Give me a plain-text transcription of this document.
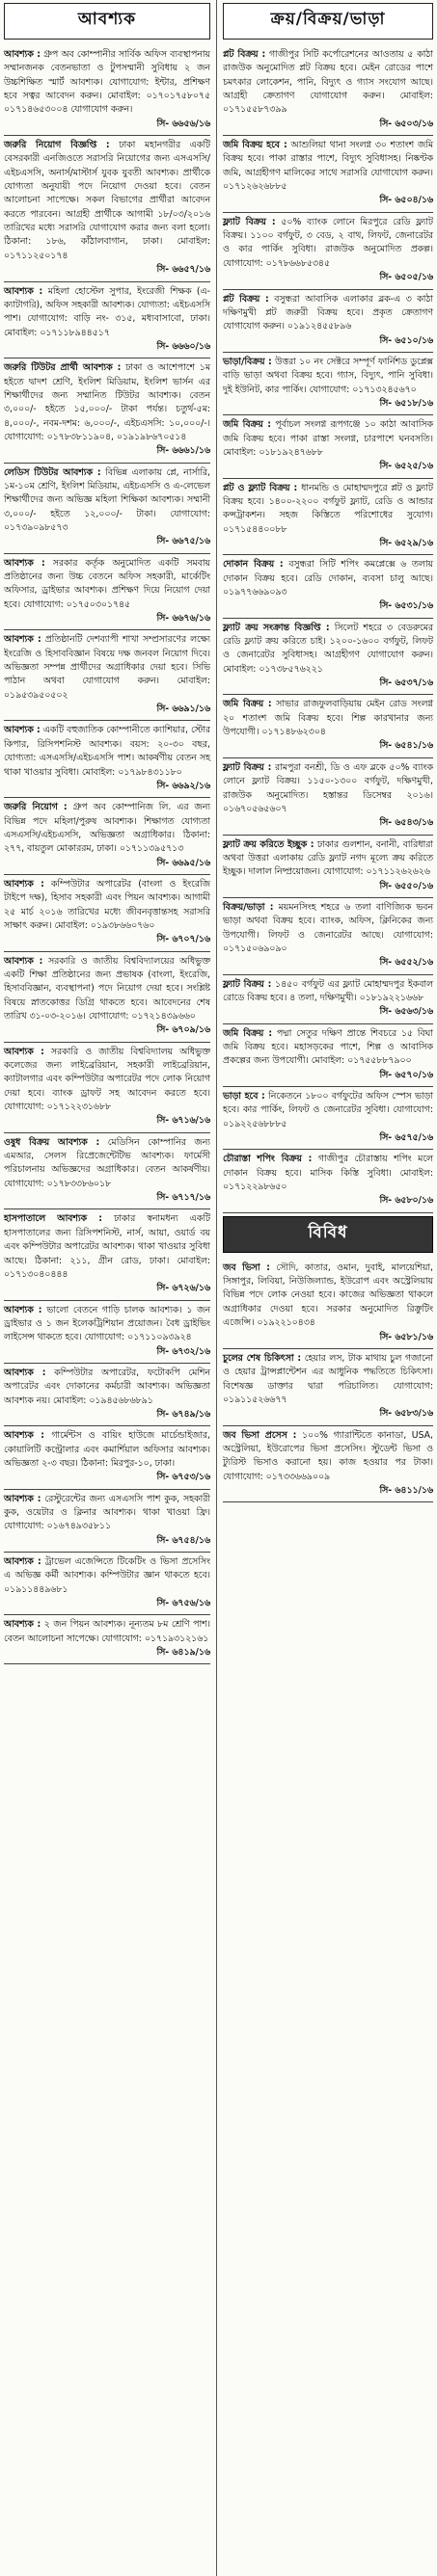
আবশ্যক
আবশ্যক : গ্রুপ অব কোম্পানীর সার্বিক অফিস ব্যবস্থাপনায় সম্মানজনক বেতনভাতা ও টুপসম্মানী সুবিধায় ২ জন উচ্চশিক্ষিত স্মার্ট আবশ্যক। যোগাযোগ: ইন্টার, প্রশিক্ষণ হবে সত্বর আবেদন করুন। মোবাইল: ০১৭০১৭৫৮০৭৫ ০১৭১৪৬৫৩০০৪ যোগাযোগ করুন।
সি- ৬৬৫৬/১৬
জরুরি নিয়োগ বিজ্ঞপ্তি : ঢাকা মহানগরীর একটি বেসরকারী এনজিওতে সরাসরি নিয়োগের জন্য এসএসসি/এইচএসসি, অনার্স/মাস্টার্স যুবক যুবতী আবশ্যক। প্রার্থীকে যোগ্যতা অনুযায়ী পদে নিয়োগ দেওয়া হবে। বেতন আলোচনা সাপেক্ষে। সকল বিভাগের প্রার্থীরা আবেদন করতে পারবেন। আগ্রহী প্রার্থীকে আগামী ১৮/০৩/২০১৬ তারিখের মধ্যে সরাসরি যোগাযোগ করার জন্য বলা হলো। ঠিকানা: ১৮৬, কাঁঠালবাগান, ঢাকা। মোবাইল: ০১৭১১২৫০১৭৪
সি- ৬৬৫৭/১৬
আবশ্যক : মহিলা হোস্টেল সুপার, ইংরেজী শিক্ষক (এ-ক্যাটাগরি), অফিস সহকারী আবশ্যক। যোগ্যতা: এইচএসসি পাশ। যোগাযোগ: বাড়ি নং- ৩১৫, মধ্যবাসাবো, ঢাকা। মোবাইল: ০১৭১১৮৯৪৪৫১৭
সি- ৬৬৬০/১৬
জরুরি টিউটর প্রার্থী আবশ্যক : ঢাকা ও আশেপাশে ১ম হইতে দ্বাদশ শ্রেণি, ইংলিশ মিডিয়াম, ইংলিশ ভার্সন এর শিক্ষার্থীদের জন্য সম্মানিত টিউটর আবশ্যক। বেতন ৩,০০০/- হইতে ১৫,০০০/- টাকা পর্যন্ত। চতুর্থ-৫ম: ৪,০০০/-, নবম-দশম: ৬,০০০/-, এইচএসসি: ১০,০০০/-। যোগাযোগ: ০১৭৮৩৮১১৯০৪, ০১৯১৯৮৬৭০৫১৪
সি- ৬৬৬১/১৬
লেডিস টিউটর আবশ্যক : বিভিন্ন এলাকায় প্লে, নার্সারি, ১ম-১০ম শ্রেণি, ইংলিশ মিডিয়াম, এইচএসসি ও এ-লেভেল শিক্ষার্থীদের জন্য অভিজ্ঞ মহিলা শিক্ষিকা আবশ্যক। সম্মানী ৩,০০০/- হইতে ১২,০০০/- টাকা। যোগাযোগ: ০১৭৩৯০৯৮৫৭৩
সি- ৬৬৭৫/১৬
আবশ্যক : সরকার কর্তৃক অনুমোদিত একটি সমবায় প্রতিষ্ঠানের জন্য উচ্চ বেতনে অফিস সহকারী, মার্কেটিং অফিসার, ড্রাইভার আবশ্যক। প্রশিক্ষণ দিয়ে নিয়োগ দেয়া হবে। যোগাযোগ: ০১৭৫০৩০১৭৪৫
সি- ৬৬৭৬/১৬
আবশ্যক : প্রতিষ্ঠানটি দেশব্যাপী শাখা সম্প্রসারণের লক্ষ্যে ইংরেজি ও হিসাববিজ্ঞান বিষয়ে দক্ষ জনবল নিয়োগ দিবে। অভিজ্ঞতা সম্পন্ন প্রার্থীদের অগ্রাধিকার দেয়া হবে। সিভি পাঠান অথবা যোগাযোগ করুন। মোবাইল: ০১৯৫৩৯৫০৫০২
সি- ৬৬৯১/১৬
আবশ্যক : একটি বহুজাতিক কোম্পানীতে ক্যাশিয়ার, স্টোর কিপার, রিসিপশনিস্ট আবশ্যক। বয়স: ২০-৩০ বছর, যোগ্যতা: এসএসসি/এইচএসসি পাশ। আকর্ষণীয় বেতন সহ থাকা খাওয়ার সুবিধা। মোবাইল: ০১৭৯৮৪৩১১৮০
সি- ৬৬৯২/১৬
জরুরি নিয়োগ : গ্রুপ অব কোম্পানিজ লি. এর জন্য বিভিন্ন পদে মহিলা/পুরুষ আবশ্যক। শিক্ষাগত যোগ্যতা এসএসসি/এইচএসসি, অভিজ্ঞতা অগ্রাধিকার। ঠিকানা: ২৭৭, বায়তুল মোকাররম, ঢাকা। ০১৭১১৩৯৫৭১৩
সি- ৬৬৯৫/১৬
আবশ্যক : কম্পিউটার অপারেটর (বাংলা ও ইংরেজি টাইপে দক্ষ), হিসাব সহকারী এবং পিয়ন আবশ্যক। আগামী ২৫ মার্চ ২০১৬ তারিখের মধ্যে জীবনবৃত্তান্তসহ সরাসরি সাক্ষাৎ করুন। মোবাইল: ০১৯৩৮৬৬০৭৬০
সি- ৬৭০৭/১৬
আবশ্যক : সরকারি ও জাতীয় বিশ্ববিদ্যালয়ের অধিভুক্ত একটি শিক্ষা প্রতিষ্ঠানের জন্য প্রভাষক (বাংলা, ইংরেজি, হিসাববিজ্ঞান, ব্যবস্থাপনা) পদে নিয়োগ দেয়া হবে। সংশ্লিষ্ট বিষয়ে স্নাতকোত্তর ডিগ্রি থাকতে হবে। আবেদনের শেষ তারিখ ৩১-০৩-২০১৬। যোগাযোগ: ০১৭২১৪৩৯৬৬০
সি- ৬৭০৯/১৬
আবশ্যক : সরকারি ও জাতীয় বিশ্ববিদ্যালয় অধিভুক্ত কলেজের জন্য লাইব্রেরিয়ান, সহকারী লাইব্রেরিয়ান, ক্যাটালগার এবং কম্পিউটার অপারেটর পদে লোক নিয়োগ দেয়া হবে। ব্যাংক ড্রাফট সহ আবেদন করতে হবে। যোগাযোগ: ০১৭১২২৩১৬৮৮
সি- ৬৭১৬/১৬
ওষুধ বিক্রয় আবশ্যক : মেডিসিন কোম্পানির জন্য এমআর, সেলস রিপ্রেজেন্টেটিভ আবশ্যক। ফার্মেসী পরিচালনায় অভিজ্ঞদের অগ্রাধিকার। বেতন আকর্ষণীয়। যোগাযোগ: ০১৭৮৩৩৮৬০১৮
সি- ৬৭১৭/১৬
হাসপাতালে আবশ্যক : ঢাকার স্বনামধন্য একটি হাসপাতালের জন্য রিসিপশনিস্ট, নার্স, আয়া, ওয়ার্ড বয় এবং কম্পিউটার অপারেটর আবশ্যক। থাকা খাওয়ার সুবিধা আছে। ঠিকানা: ২১১, গ্রীন রোড, ঢাকা। মোবাইল: ০১৭১৩০৪০৪৪৪
সি- ৬৭২৬/১৬
আবশ্যক : ভালো বেতনে গাড়ি চালক আবশ্যক। ১ জন ড্রাইভার ও ১ জন ইলেকট্রিশিয়ান প্রয়োজন। বৈধ ড্রাইভিং লাইসেন্স থাকতে হবে। যোগাযোগ: ০১৭১১০৯৩৯২৪
সি- ৬৭৩২/১৬
আবশ্যক : কম্পিউটার অপারেটর, ফটোকপি মেশিন অপারেটর এবং দোকানের কর্মচারী আবশ্যক। অভিজ্ঞতা আবশ্যক নয়। মোবাইল: ০১৯৪৫৬৮৬৮৯১
সি- ৬৭৪৯/১৬
আবশ্যক : গার্মেন্টস ও বায়িং হাউজে মার্চেন্ডাইজার, কোয়ালিটি কন্ট্রোলার এবং কমার্শিয়াল অফিসার আবশ্যক। অভিজ্ঞতা ২-৩ বছর। ঠিকানা: মিরপুর-১০, ঢাকা।
সি- ৬৭৫৩/১৬
আবশ্যক : রেস্টুরেন্টের জন্য এসএসসি পাশ কুক, সহকারী কুক, ওয়েটার ও ক্লিনার আবশ্যক। থাকা খাওয়া ফ্রি। যোগাযোগ: ০১৬৭৪৯৩৫৮১১
সি- ৬৭৫৪/১৬
আবশ্যক : ট্রাভেল এজেন্সিতে টিকেটিং ও ভিসা প্রসেসিং এ অভিজ্ঞ কর্মী আবশ্যক। কম্পিউটার জ্ঞান থাকতে হবে। ০১৯১১৪৪৯৬৮১
সি- ৬৭৫৬/১৬
আবশ্যক : ২ জন পিয়ন আবশ্যক। নূন্যতম ৮ম শ্রেণি পাশ। বেতন আলোচনা সাপেক্ষে। যোগাযোগ: ০১৭১৯৩১২১৬১
সি- ৬৪১৯/১৬
ক্রয়/বিক্রয়/ভাড়া
প্লট বিক্রয় : গাজীপুর সিটি কর্পোরেশনের আওতায় ৫ কাঠা রাজউক অনুমোদিত প্লট বিক্রয় হবে। মেইন রোডের পাশে চমৎকার লোকেশন, পানি, বিদ্যুৎ ও গ্যাস সংযোগ আছে। আগ্রহী ক্রেতাগণ যোগাযোগ করুন। মোবাইল: ০১৭১৫৫৮৭৩৯৯
সি- ৬৫০৩/১৬
জমি বিক্রয় হবে : আশুলিয়া থানা সংলগ্ন ৩০ শতাংশ জমি বিক্রয় হবে। পাকা রাস্তার পাশে, বিদ্যুৎ সুবিধাসহ। নিষ্কণ্টক জমি, আগ্রহীগণ মালিকের সাথে সরাসরি যোগাযোগ করুন। ০১৭১২৬২৬৮৮৫
সি- ৬৫০৪/১৬
ফ্ল্যাট বিক্রয় : ৫০% ব্যাংক লোনে মিরপুরে রেডি ফ্ল্যাট বিক্রয়। ১১০০ বর্গফুট, ৩ বেড, ২ বাথ, লিফট, জেনারেটর ও কার পার্কিং সুবিধা। রাজউক অনুমোদিত প্রকল্প। যোগাযোগ: ০১৭৮৬৬৮৫৩৪৫
সি- ৬৫০৫/১৬
প্লট বিক্রয় : বসুন্ধরা আবাসিক এলাকার ব্লক-এ ৩ কাঠা দক্ষিণমুখী প্লট জরুরী বিক্রয় হবে। প্রকৃত ক্রেতাগণ যোগাযোগ করুন। ০১৯১২৪৫৫৮৯৬
সি- ৬৫১০/১৬
ভাড়া/বিক্রয় : উত্তরা ১০ নং সেক্টরে সম্পূর্ণ ফার্নিশড ডুপ্লেক্স বাড়ি ভাড়া অথবা বিক্রয় হবে। গ্যাস, বিদ্যুৎ, পানি সুবিধা। দুই ইউনিট, কার পার্কিং। যোগাযোগ: ০১৭১৩২৪৫৬৭০
সি- ৬৫১৮/১৬
জমি বিক্রয় : পূর্বাচল সংলগ্ন রূপগঞ্জে ১০ কাঠা আবাসিক জমি বিক্রয় হবে। পাকা রাস্তা সংলগ্ন, চারপাশে ঘনবসতি। মোবাইল: ০১৮১৯২৪৭৬৮৮
সি- ৬৫২৫/১৬
প্লট ও ফ্ল্যাট বিক্রয় : ধানমন্ডি ও মোহাম্মদপুরে প্লট ও ফ্ল্যাট বিক্রয় হবে। ১৪০০-২২০০ বর্গফুট ফ্ল্যাট, রেডি ও আন্ডার কন্সট্রাকশন। সহজ কিস্তিতে পরিশোধের সুযোগ। ০১৭১৫৪৪০০৮৮
সি- ৬৫২৯/১৬
দোকান বিক্রয় : বসুন্ধরা সিটি শপিং কমপ্লেক্সে ৬ তলায় দোকান বিক্রয় হবে। রেডি দোকান, ব্যবসা চালু আছে। ০১৯৭৭৬৬৯০৯৩
সি- ৬৫৩১/১৬
ফ্ল্যাট ক্রয় সংক্রান্ত বিজ্ঞপ্তি : সিলেট শহরে ৩ বেডরুমের রেডি ফ্ল্যাট ক্রয় করিতে চাই। ১২০০-১৬০০ বর্গফুট, লিফট ও জেনারেটর সুবিধাসহ। আগ্রহীগণ যোগাযোগ করুন। মোবাইল: ০১৭৩৮৫৭৬২২১
সি- ৬৫৩৭/১৬
জমি বিক্রয় : সাভার রাজফুলবাড়িয়ায় মেইন রোড সংলগ্ন ২০ শতাংশ জমি বিক্রয় হবে। শিল্প কারখানার জন্য উপযোগী। ০১৭১৪৮৬২৩০৪
সি- ৬৫৪১/১৬
ফ্ল্যাট বিক্রয় : রামপুরা বনশ্রী, ডি ও এফ ব্লকে ৫০% ব্যাংক লোনে ফ্ল্যাট বিক্রয়। ১১৫০-১৩০০ বর্গফুট, দক্ষিণমুখী, রাজউক অনুমোদিত। হস্তান্তর ডিসেম্বর ২০১৬। ০১৬৭০৫৬৫৬০৭
সি- ৬৫৪৩/১৬
ফ্ল্যাট ক্রয় করিতে ইচ্ছুক : ঢাকার গুলশান, বনানী, বারিধারা অথবা উত্তরা এলাকায় রেডি ফ্ল্যাট নগদ মূল্যে ক্রয় করিতে ইচ্ছুক। দালাল নিষ্প্রয়োজন। যোগাযোগ: ০১৭১১২৬২৬২৬
সি- ৬৫৫০/১৬
বিক্রয়/ভাড়া : ময়মনসিংহ শহরে ৬ তলা বাণিজ্যিক ভবন ভাড়া অথবা বিক্রয় হবে। ব্যাংক, অফিস, ক্লিনিকের জন্য উপযোগী। লিফট ও জেনারেটর আছে। যোগাযোগ: ০১৭১৫০৬৯০৯০
সি- ৬৫৫২/১৬
ফ্ল্যাট বিক্রয় : ১৪৫০ বর্গফুট এর ফ্ল্যাট মোহাম্মদপুর ইকবাল রোডে বিক্রয় হবে। ৪ তলা, দক্ষিণমুখী। ০১৮১৯২২১৬৬৮
সি- ৬৫৬৩/১৬
জমি বিক্রয় : পদ্মা সেতুর দক্ষিণ প্রান্তে শিবচরে ১৫ বিঘা জমি বিক্রয় হবে। মহাসড়কের পাশে, শিল্প ও আবাসিক প্রকল্পের জন্য উপযোগী। মোবাইল: ০১৭৫৫৮৮৭৯০০
সি- ৬৫৭০/১৬
ভাড়া হবে : নিকেতনে ১৮০০ বর্গফুটের অফিস স্পেস ভাড়া হবে। কার পার্কিং, লিফট ও জেনারেটর সুবিধা। যোগাযোগ: ০১৯২২৫৬৮৮৮৫
সি- ৬৫৭৫/১৬
চৌরাস্তা শপিং বিক্রয় : গাজীপুর চৌরাস্তায় শপিং মলে দোকান বিক্রয় হবে। মাসিক কিস্তি সুবিধা। মোবাইল: ০১৭১২২৯৮৬৫০
সি- ৬৫৮০/১৬
বিবিধ
জব ভিসা : সৌদি, কাতার, ওমান, দুবাই, মালয়েশিয়া, সিঙ্গাপুর, লিবিয়া, নিউজিল্যান্ড, ইউরোপ এবং অস্ট্রেলিয়ায় বিভিন্ন পদে লোক নেওয়া হবে। কাজের অভিজ্ঞতা থাকলে অগ্রাধিকার দেওয়া হবে। সরকার অনুমোদিত রিক্রুটিং এজেন্সি। ০১৯২২১০৪৩৪
সি- ৬৫৮১/১৬
চুলের শেষ চিকিৎসা : হেয়ার লস, টাক মাথায় চুল গজানো ও হেয়ার ট্রান্সপ্লান্টেশন এর আধুনিক পদ্ধতিতে চিকিৎসা। বিশেষজ্ঞ ডাক্তার দ্বারা পরিচালিত। যোগাযোগ: ০১৯১১৫২৬৬৭৭
সি- ৬৫৮৩/১৬
জব ভিসা প্রসেস : ১০০% গ্যারান্টিতে কানাডা, USA, অস্ট্রেলিয়া, ইউরোপের ভিসা প্রসেসিং। স্টুডেন্ট ভিসা ও ট্যুরিস্ট ভিসাও করানো হয়। কাজ হওয়ার পর টাকা। যোগাযোগ: ০১৭৩৩৬৬৯০০৯
সি- ৬৪১১/১৬
